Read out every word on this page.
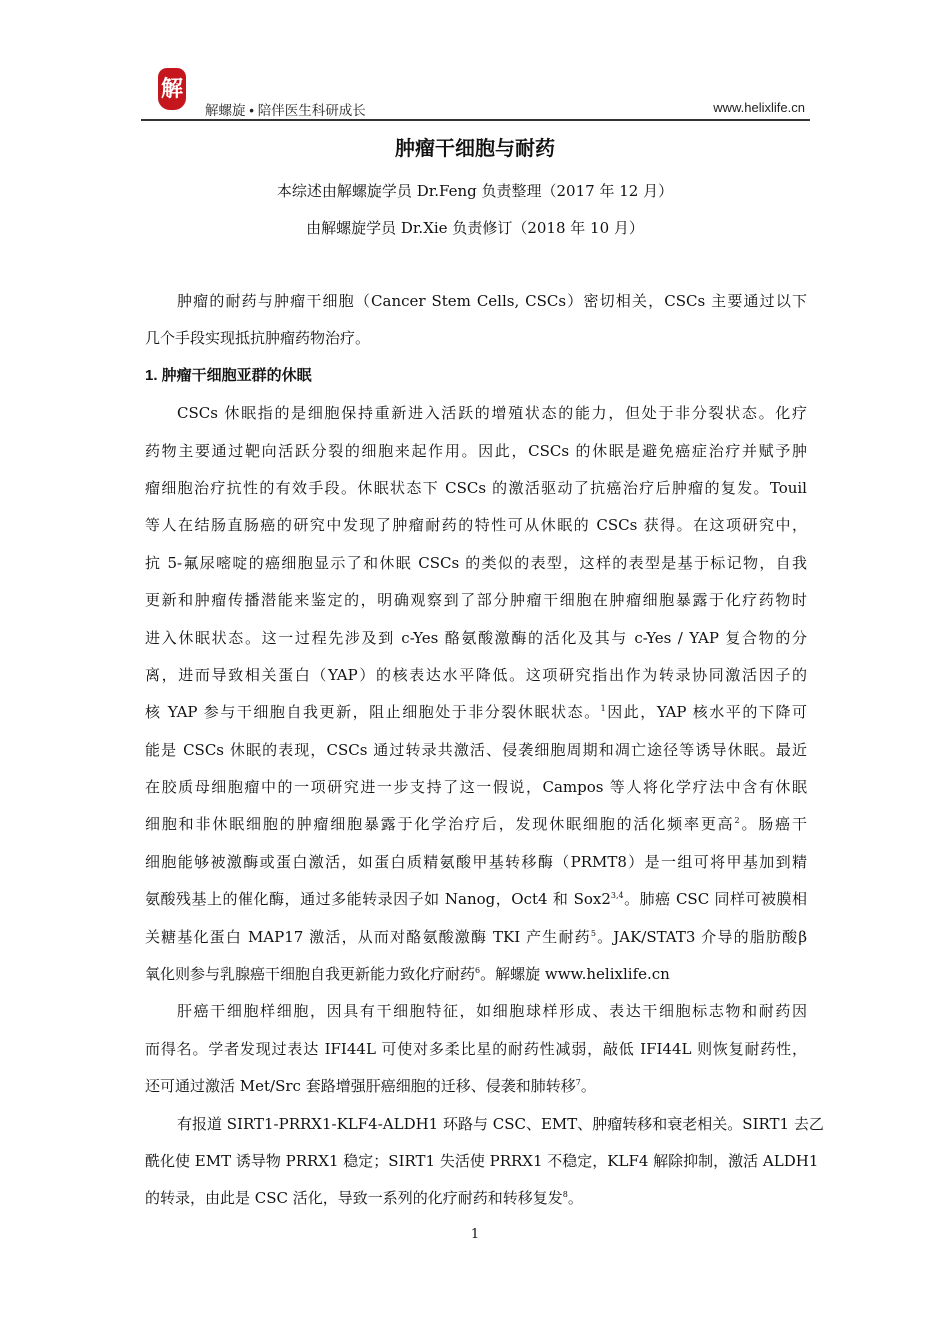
解
解螺旋 • 陪伴医生科研成长	www.helixlife.cn
肿瘤干细胞与耐药
本综述由解螺旋学员 Dr.Feng 负责整理（2017 年 12 月）
由解螺旋学员 Dr.Xie 负责修订（2018 年 10 月）
肿瘤的耐药与肿瘤干细胞（Cancer Stem Cells, CSCs）密切相关，CSCs 主要通过以下
几个手段实现抵抗肿瘤药物治疗。
1. 肿瘤干细胞亚群的休眠
CSCs 休眠指的是细胞保持重新进入活跃的增殖状态的能力，但处于非分裂状态。化疗
药物主要通过靶向活跃分裂的细胞来起作用。因此，CSCs 的休眠是避免癌症治疗并赋予肿
瘤细胞治疗抗性的有效手段。休眠状态下 CSCs 的激活驱动了抗癌治疗后肿瘤的复发。Touil
等人在结肠直肠癌的研究中发现了肿瘤耐药的特性可从休眠的 CSCs 获得。在这项研究中，
抗 5-氟尿嘧啶的癌细胞显示了和休眠 CSCs 的类似的表型，这样的表型是基于标记物，自我
更新和肿瘤传播潜能来鉴定的，明确观察到了部分肿瘤干细胞在肿瘤细胞暴露于化疗药物时
进入休眠状态。这一过程先涉及到 c-Yes 酪氨酸激酶的活化及其与 c-Yes / YAP 复合物的分
离，进而导致相关蛋白（YAP）的核表达水平降低。这项研究指出作为转录协同激活因子的
核 YAP 参与干细胞自我更新，阻止细胞处于非分裂休眠状态。$^1$因此，YAP 核水平的下降可
能是 CSCs 休眠的表现，CSCs 通过转录共激活、侵袭细胞周期和凋亡途径等诱导休眠。最近
在胶质母细胞瘤中的一项研究进一步支持了这一假说，Campos 等人将化学疗法中含有休眠
细胞和非休眠细胞的肿瘤细胞暴露于化学治疗后，发现休眠细胞的活化频率更高$^2$。肠癌干
细胞能够被激酶或蛋白激活，如蛋白质精氨酸甲基转移酶（PRMT8）是一组可将甲基加到精
氨酸残基上的催化酶，通过多能转录因子如 Nanog，Oct4 和 Sox2$^{3,4}$。肺癌 CSC 同样可被膜相
关糖基化蛋白 MAP17 激活，从而对酪氨酸激酶 TKI 产生耐药$^5$。JAK/STAT3 介导的脂肪酸β
氧化则参与乳腺癌干细胞自我更新能力致化疗耐药$^6$。解螺旋 www.helixlife.cn
肝癌干细胞样细胞，因具有干细胞特征，如细胞球样形成、表达干细胞标志物和耐药因
而得名。学者发现过表达 IFI44L 可使对多柔比星的耐药性减弱，敲低 IFI44L 则恢复耐药性，
还可通过激活 Met/Src 套路增强肝癌细胞的迁移、侵袭和肺转移$^7$。
有报道 SIRT1-PRRX1-KLF4-ALDH1 环路与 CSC、EMT、肿瘤转移和衰老相关。SIRT1 去乙
酰化使 EMT 诱导物 PRRX1 稳定；SIRT1 失活使 PRRX1 不稳定，KLF4 解除抑制，激活 ALDH1
的转录，由此是 CSC 活化，导致一系列的化疗耐药和转移复发$^8$。
1
